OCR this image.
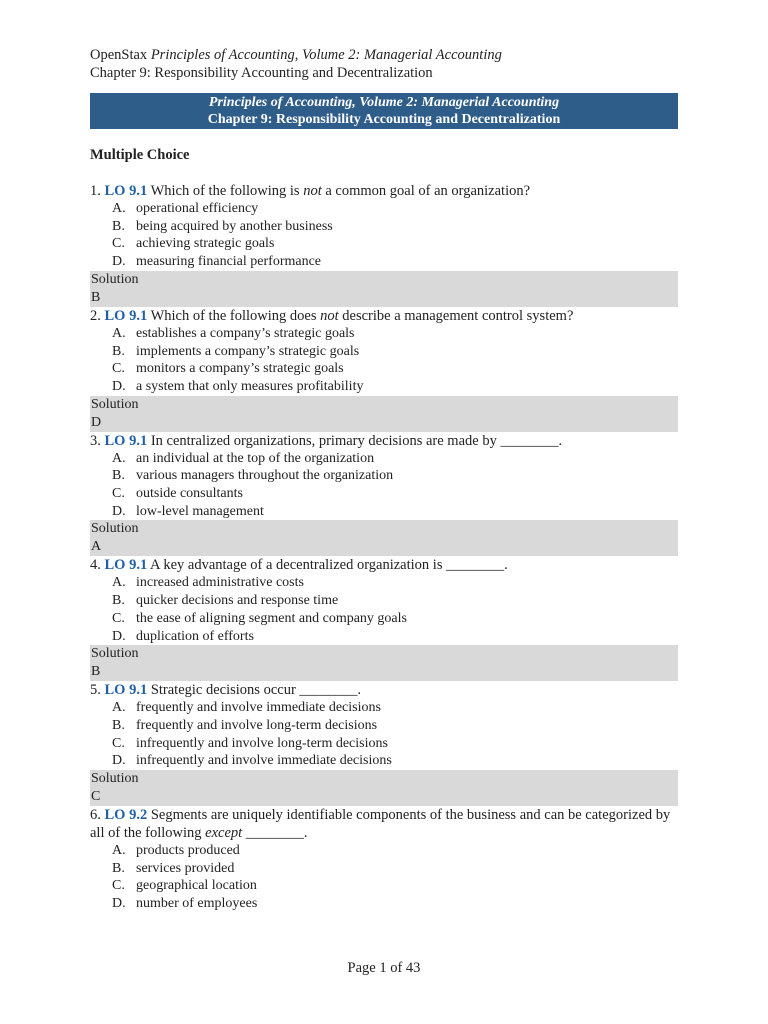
OpenStax Principles of Accounting, Volume 2: Managerial Accounting
Chapter 9: Responsibility Accounting and Decentralization
Principles of Accounting, Volume 2: Managerial Accounting
Chapter 9: Responsibility Accounting and Decentralization
Multiple Choice
1. LO 9.1 Which of the following is not a common goal of an organization?
A. operational efficiency
B. being acquired by another business
C. achieving strategic goals
D. measuring financial performance
Solution
B
2. LO 9.1 Which of the following does not describe a management control system?
A. establishes a company’s strategic goals
B. implements a company’s strategic goals
C. monitors a company’s strategic goals
D. a system that only measures profitability
Solution
D
3. LO 9.1 In centralized organizations, primary decisions are made by ________.
A. an individual at the top of the organization
B. various managers throughout the organization
C. outside consultants
D. low-level management
Solution
A
4. LO 9.1 A key advantage of a decentralized organization is ________.
A. increased administrative costs
B. quicker decisions and response time
C. the ease of aligning segment and company goals
D. duplication of efforts
Solution
B
5. LO 9.1 Strategic decisions occur ________.
A. frequently and involve immediate decisions
B. frequently and involve long-term decisions
C. infrequently and involve long-term decisions
D. infrequently and involve immediate decisions
Solution
C
6. LO 9.2 Segments are uniquely identifiable components of the business and can be categorized by all of the following except ________.
A. products produced
B. services provided
C. geographical location
D. number of employees
Page 1 of 43
